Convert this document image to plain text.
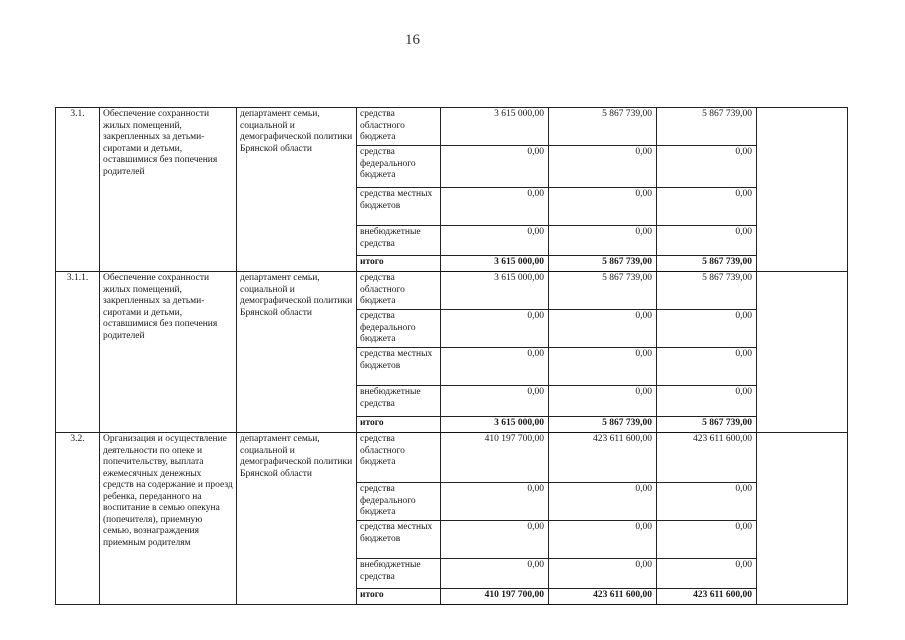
16
3.1.	Обеспечение сохранности жилых помещений, закрепленных за детьми-сиротами и детьми, оставшимися без попечения родителей	департамент семьи, социальной и демографической политики Брянской области	средства областного бюджета	3 615 000,00	5 867 739,00	5 867 739,00	
			средства федерального бюджета	0,00	0,00	0,00	
			средства местных бюджетов	0,00	0,00	0,00	
			внебюджетные средства	0,00	0,00	0,00	
			итого	3 615 000,00	5 867 739,00	5 867 739,00	
3.1.1.	Обеспечение сохранности жилых помещений, закрепленных за детьми-сиротами и детьми, оставшимися без попечения родителей	департамент семьи, социальной и демографической политики Брянской области	средства областного бюджета	3 615 000,00	5 867 739,00	5 867 739,00	
			средства федерального бюджета	0,00	0,00	0,00	
			средства местных бюджетов	0,00	0,00	0,00	
			внебюджетные средства	0,00	0,00	0,00	
			итого	3 615 000,00	5 867 739,00	5 867 739,00	
3.2.	Организация и осуществление деятельности по опеке и попечительству, выплата ежемесячных денежных средств на содержание и проезд ребенка, переданного на воспитание в семью опекуна (попечителя), приемную семью, вознаграждения приемным родителям	департамент семьи, социальной и демографической политики Брянской области	средства областного бюджета	410 197 700,00	423 611 600,00	423 611 600,00	
			средства федерального бюджета	0,00	0,00	0,00	
			средства местных бюджетов	0,00	0,00	0,00	
			внебюджетные средства	0,00	0,00	0,00	
			итого	410 197 700,00	423 611 600,00	423 611 600,00	
